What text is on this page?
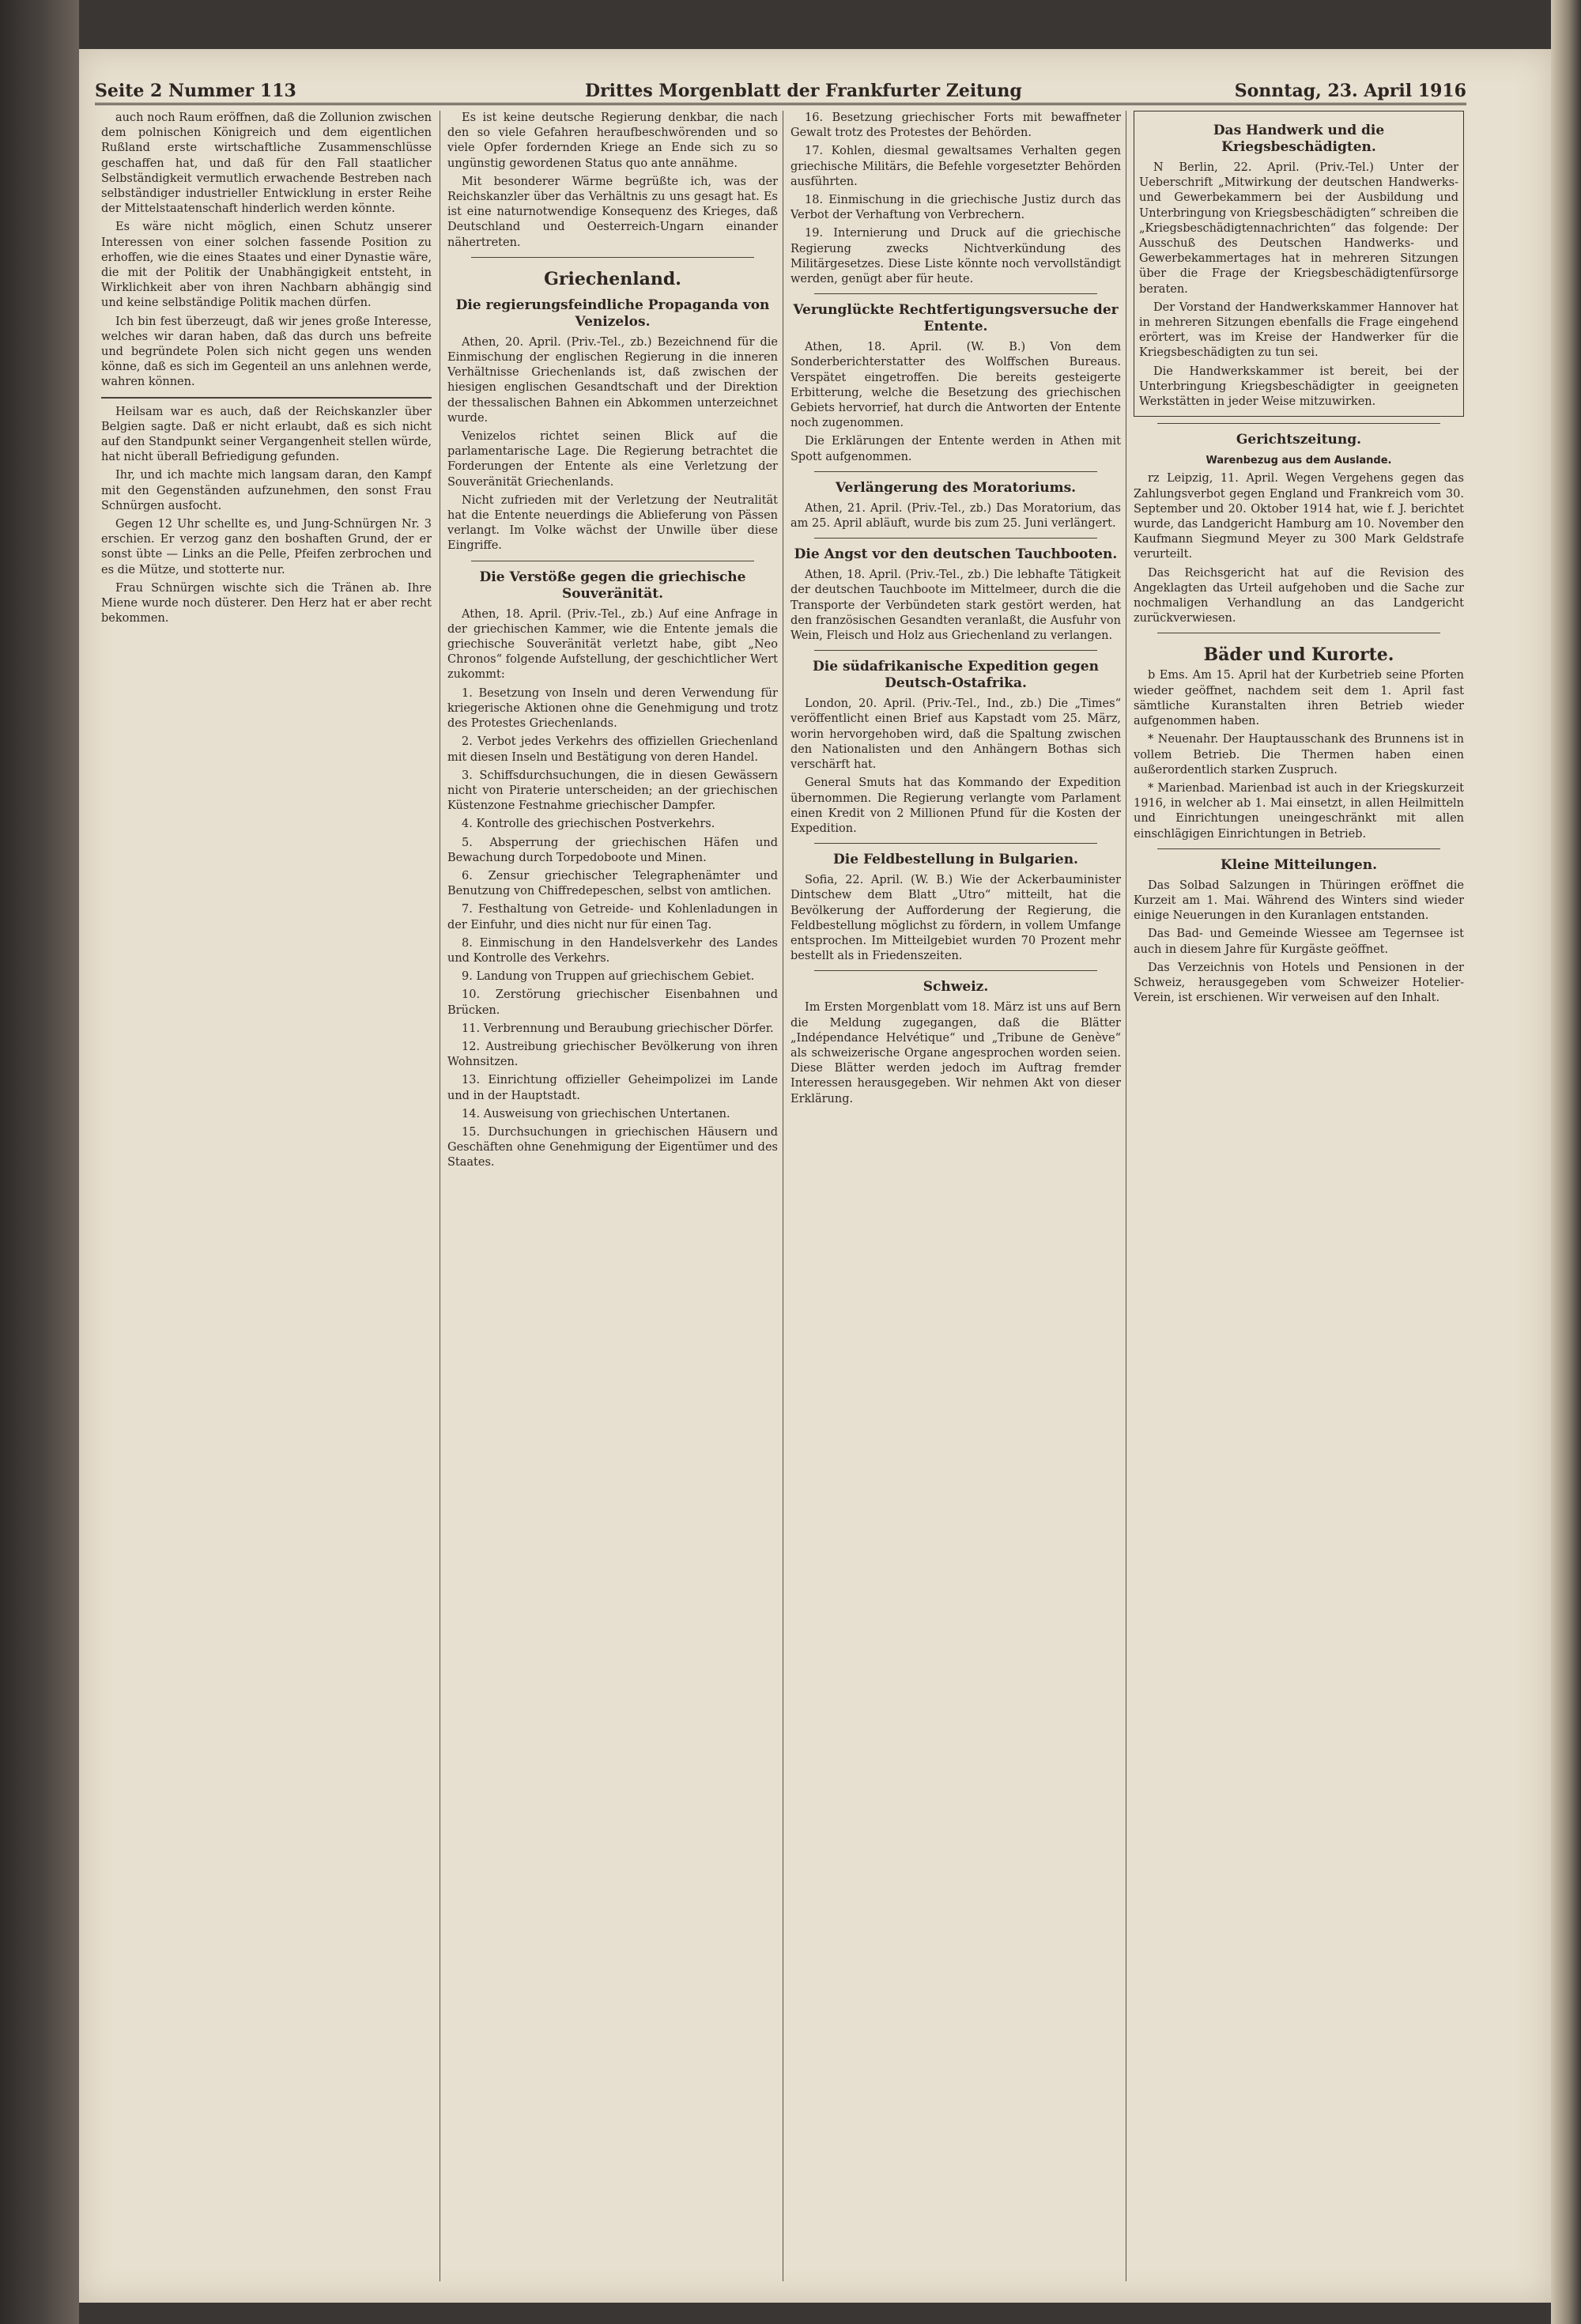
Seite 2 Nummer 113	Drittes Morgenblatt der Frankfurter Zeitung	Sonntag, 23. April 1916

auch noch Raum eröffnen, daß die Zollunion zwischen dem polnischen Königreich und dem eigentlichen Rußland erste wirtschaftliche Zusammenschlüsse geschaffen hat, und daß für den Fall staatlicher Selbständigkeit vermutlich erwachende Bestreben nach selbständiger industrieller Entwicklung in erster Reihe der Mittelstaatenschaft hinderlich werden könnte.

Es wäre nicht möglich, einen Schutz unserer Interessen von einer solchen fassende Position zu erhoffen, wie die eines Staates und einer Dynastie wäre, die mit der Politik der Unabhängigkeit entsteht, in Wirklichkeit aber von ihren Nachbarn abhängig sind und keine selbständige Politik machen dürfen.

Ich bin fest überzeugt, daß wir jenes große Interesse, welches wir daran haben, daß das durch uns befreite und begründete Polen sich nicht gegen uns wenden könne, daß es sich im Gegenteil an uns anlehnen werde, wahren können.

Heilsam war es auch, daß der Reichskanzler über Belgien sagte. Daß er nicht erlaubt, daß es sich nicht auf den Standpunkt seiner Vergangenheit stellen würde, hat nicht überall Befriedigung gefunden.

Ihr, und ich machte mich langsam daran, den Kampf mit den Gegenständen aufzunehmen, den sonst Frau Schnürgen ausfocht.

Gegen 12 Uhr schellte es, und Jung-Schnürgen Nr. 3 erschien. Er verzog ganz den boshaften Grund, der er sonst übte — Links an die Pelle, Pfeifen zerbrochen und es die Mütze, und stotterte nur.

Frau Schnürgen wischte sich die Tränen ab. Ihre Miene wurde noch düsterer. Den Herz hat er aber recht bekommen.

Es ist keine deutsche Regierung denkbar, die nach den so viele Gefahren heraufbeschwörenden und so viele Opfer fordernden Kriege an Ende sich zu so ungünstig gewordenen Status quo ante annähme.

Mit besonderer Wärme begrüßte ich, was der Reichskanzler über das Verhältnis zu uns gesagt hat. Es ist eine naturnotwendige Konsequenz des Krieges, daß Deutschland und Oesterreich-Ungarn einander nähertreten.

Griechenland.
Die regierungsfeindliche Propaganda von Venizelos.

Athen, 20. April. (Priv.-Tel., zb.) Bezeichnend für die Einmischung der englischen Regierung in die inneren Verhältnisse Griechenlands ist, daß zwischen der hiesigen englischen Gesandtschaft und der Direktion der thessalischen Bahnen ein Abkommen unterzeichnet wurde.

Venizelos richtet seinen Blick auf die parlamentarische Lage. Die Regierung betrachtet die Forderungen der Entente als eine Verletzung der Souveränität Griechenlands.

Nicht zufrieden mit der Verletzung der Neutralität hat die Entente neuerdings die Ablieferung von Pässen verlangt. Im Volke wächst der Unwille über diese Eingriffe.

Die Verstöße gegen die griechische Souveränität.

Athen, 18. April. (Priv.-Tel., zb.) Auf eine Anfrage in der griechischen Kammer, wie die Entente jemals die griechische Souveränität verletzt habe, gibt „Neo Chronos“ folgende Aufstellung, der geschichtlicher Wert zukommt:

1. Besetzung von Inseln und deren Verwendung für kriegerische Aktionen ohne die Genehmigung und trotz des Protestes Griechenlands.

2. Verbot jedes Verkehrs des offiziellen Griechenland mit diesen Inseln und Bestätigung von deren Handel.

3. Schiffsdurchsuchungen, die in diesen Gewässern nicht von Piraterie unterscheiden; an der griechischen Küstenzone Festnahme griechischer Dampfer.

4. Kontrolle des griechischen Postverkehrs.

5. Absperrung der griechischen Häfen und Bewachung durch Torpedoboote und Minen.

6. Zensur griechischer Telegraphenämter und Benutzung von Chiffredepeschen, selbst von amtlichen.

7. Festhaltung von Getreide- und Kohlenladungen in der Einfuhr, und dies nicht nur für einen Tag.

8. Einmischung in den Handelsverkehr des Landes und Kontrolle des Verkehrs.

9. Landung von Truppen auf griechischem Gebiet.

10. Zerstörung griechischer Eisenbahnen und Brücken.

11. Verbrennung und Beraubung griechischer Dörfer.

12. Austreibung griechischer Bevölkerung von ihren Wohnsitzen.

13. Einrichtung offizieller Geheimpolizei im Lande und in der Hauptstadt.

14. Ausweisung von griechischen Untertanen.

15. Durchsuchungen in griechischen Häusern und Geschäften ohne Genehmigung der Eigentümer und des Staates.

16. Besetzung griechischer Forts mit bewaffneter Gewalt trotz des Protestes der Behörden.

17. Kohlen, diesmal gewaltsames Verhalten gegen griechische Militärs, die Befehle vorgesetzter Behörden ausführten.

18. Einmischung in die griechische Justiz durch das Verbot der Verhaftung von Verbrechern.

19. Internierung und Druck auf die griechische Regierung zwecks Nichtverkündung des Militärgesetzes. Diese Liste könnte noch vervollständigt werden, genügt aber für heute.

Verunglückte Rechtfertigungsversuche der Entente.

Athen, 18. April. (W. B.) Von dem Sonderberichterstatter des Wolffschen Bureaus. Verspätet eingetroffen. Die bereits gesteigerte Erbitterung, welche die Besetzung des griechischen Gebiets hervorrief, hat durch die Antworten der Entente noch zugenommen.

Die Erklärungen der Entente werden in Athen mit Spott aufgenommen.

Verlängerung des Moratoriums.

Athen, 21. April. (Priv.-Tel., zb.) Das Moratorium, das am 25. April abläuft, wurde bis zum 25. Juni verlängert.

Die Angst vor den deutschen Tauchbooten.

Athen, 18. April. (Priv.-Tel., zb.) Die lebhafte Tätigkeit der deutschen Tauchboote im Mittelmeer, durch die die Transporte der Verbündeten stark gestört werden, hat den französischen Gesandten veranlaßt, die Ausfuhr von Wein, Fleisch und Holz aus Griechenland zu verlangen.

Die südafrikanische Expedition gegen Deutsch-Ostafrika.

London, 20. April. (Priv.-Tel., Ind., zb.) Die „Times“ veröffentlicht einen Brief aus Kapstadt vom 25. März, worin hervorgehoben wird, daß die Spaltung zwischen den Nationalisten und den Anhängern Bothas sich verschärft hat.

General Smuts hat das Kommando der Expedition übernommen. Die Regierung verlangte vom Parlament einen Kredit von 2 Millionen Pfund für die Kosten der Expedition.

Die Feldbestellung in Bulgarien.

Sofia, 22. April. (W. B.) Wie der Ackerbauminister Dintschew dem Blatt „Utro“ mitteilt, hat die Bevölkerung der Aufforderung der Regierung, die Feldbestellung möglichst zu fördern, in vollem Umfange entsprochen. Im Mitteilgebiet wurden 70 Prozent mehr bestellt als in Friedenszeiten.

Schweiz.

Im Ersten Morgenblatt vom 18. März ist uns auf Bern die Meldung zugegangen, daß die Blätter „Indépendance Helvétique“ und „Tribune de Genève“ als schweizerische Organe angesprochen worden seien. Diese Blätter werden jedoch im Auftrag fremder Interessen herausgegeben. Wir nehmen Akt von dieser Erklärung.

Das Handwerk und die Kriegsbeschädigten.

N Berlin, 22. April. (Priv.-Tel.) Unter der Ueberschrift „Mitwirkung der deutschen Handwerks- und Gewerbekammern bei der Ausbildung und Unterbringung von Kriegsbeschädigten“ schreiben die „Kriegsbeschädigtennachrichten“ das folgende: Der Ausschuß des Deutschen Handwerks- und Gewerbekammertages hat in mehreren Sitzungen über die Frage der Kriegsbeschädigtenfürsorge beraten.

Der Vorstand der Handwerkskammer Hannover hat in mehreren Sitzungen ebenfalls die Frage eingehend erörtert, was im Kreise der Handwerker für die Kriegsbeschädigten zu tun sei.

Die Handwerkskammer ist bereit, bei der Unterbringung Kriegsbeschädigter in geeigneten Werkstätten in jeder Weise mitzuwirken.

Gerichtszeitung.
Warenbezug aus dem Auslande.

rz Leipzig, 11. April. Wegen Vergehens gegen das Zahlungsverbot gegen England und Frankreich vom 30. September und 20. Oktober 1914 hat, wie f. J. berichtet wurde, das Landgericht Hamburg am 10. November den Kaufmann Siegmund Meyer zu 300 Mark Geldstrafe verurteilt.

Das Reichsgericht hat auf die Revision des Angeklagten das Urteil aufgehoben und die Sache zur nochmaligen Verhandlung an das Landgericht zurückverwiesen.

Bäder und Kurorte.

b Ems. Am 15. April hat der Kurbetrieb seine Pforten wieder geöffnet, nachdem seit dem 1. April fast sämtliche Kuranstalten ihren Betrieb wieder aufgenommen haben.

* Neuenahr. Der Hauptausschank des Brunnens ist in vollem Betrieb. Die Thermen haben einen außerordentlich starken Zuspruch.

* Marienbad. Marienbad ist auch in der Kriegskurzeit 1916, in welcher ab 1. Mai einsetzt, in allen Heilmitteln und Einrichtungen uneingeschränkt mit allen einschlägigen Einrichtungen in Betrieb.

Kleine Mitteilungen.

Das Solbad Salzungen in Thüringen eröffnet die Kurzeit am 1. Mai. Während des Winters sind wieder einige Neuerungen in den Kuranlagen entstanden.

Das Bad- und Gemeinde Wiessee am Tegernsee ist auch in diesem Jahre für Kurgäste geöffnet.

Das Verzeichnis von Hotels und Pensionen in der Schweiz, herausgegeben vom Schweizer Hotelier-Verein, ist erschienen. Wir verweisen auf den Inhalt.
